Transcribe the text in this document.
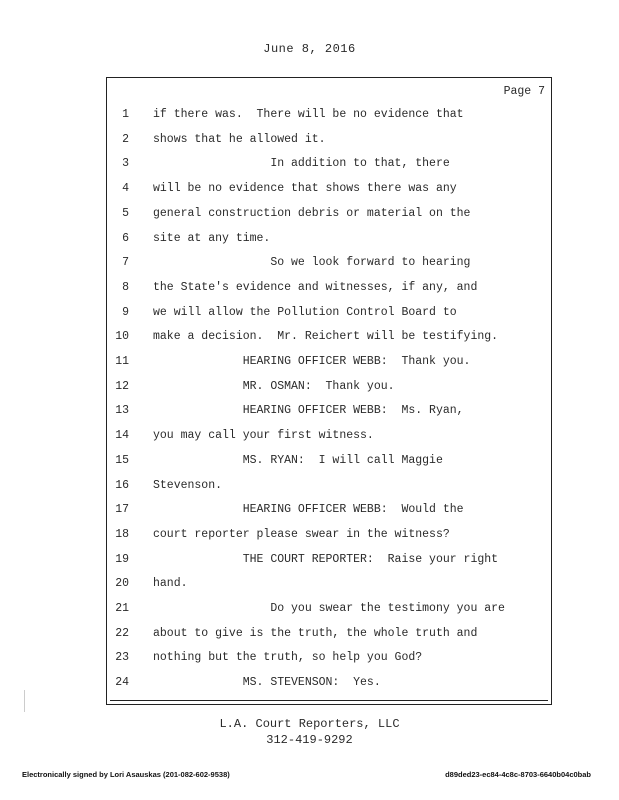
June 8, 2016
Page 7
1 if there was.  There will be no evidence that
2 shows that he allowed it.
3 In addition to that, there
4 will be no evidence that shows there was any
5 general construction debris or material on the
6 site at any time.
7 So we look forward to hearing
8 the State's evidence and witnesses, if any, and
9 we will allow the Pollution Control Board to
10 make a decision.  Mr. Reichert will be testifying.
11 HEARING OFFICER WEBB:  Thank you.
12 MR. OSMAN:  Thank you.
13 HEARING OFFICER WEBB:  Ms. Ryan,
14 you may call your first witness.
15 MS. RYAN:  I will call Maggie
16 Stevenson.
17 HEARING OFFICER WEBB:  Would the
18 court reporter please swear in the witness?
19 THE COURT REPORTER:  Raise your right
20 hand.
21 Do you swear the testimony you are
22 about to give is the truth, the whole truth and
23 nothing but the truth, so help you God?
24 MS. STEVENSON:  Yes.
L.A. Court Reporters, LLC
312-419-9292
Electronically signed by Lori Asauskas (201-082-602-9538)	d89ded23-ec84-4c8c-8703-6640b04c0bab
